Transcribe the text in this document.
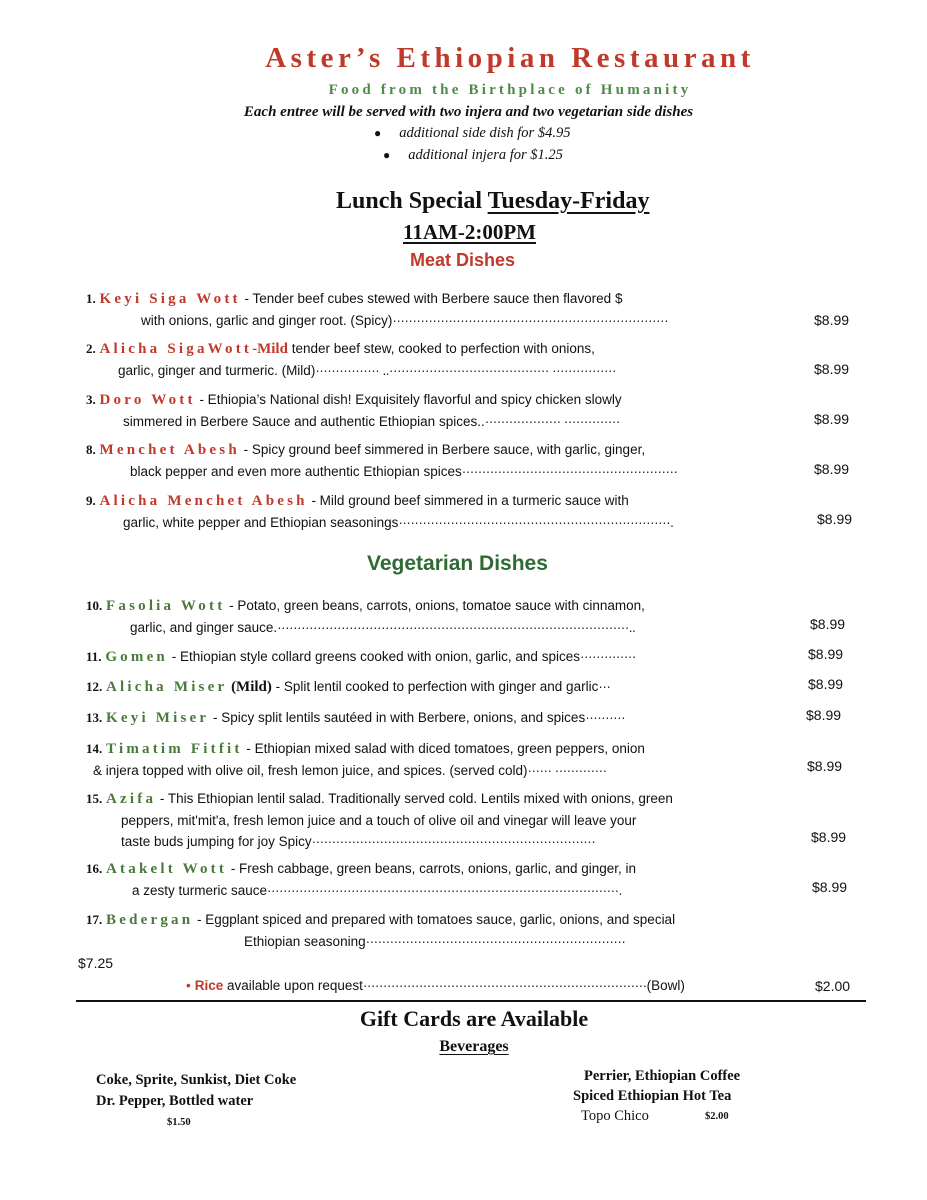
Aster’s Ethiopian Restaurant
Food from the Birthplace of Humanity
Each entree will be served with two injera and two vegetarian side dishes
● additional side dish for $4.95
● additional injera for $1.25
Lunch Special Tuesday-Friday
11AM-2:00PM
Meat Dishes
1. Keyi Siga Wott - Tender beef cubes stewed with Berbere sauce then flavored $
with onions, garlic and ginger root. (Spicy)·····································································	$8.99
2. Alicha SigaWott-Mild tender beef stew, cooked to perfection with onions,
garlic, ginger and turmeric. (Mild)················ ..········································ ················	$8.99
3. Doro Wott - Ethiopia’s National dish! Exquisitely flavorful and spicy chicken slowly
simmered in Berbere Sauce and authentic Ethiopian spices..··················· ··············	$8.99
8. Menchet Abesh - Spicy ground beef simmered in Berbere sauce, with garlic, ginger,
black pepper and even more authentic Ethiopian spices······················································	$8.99
9. Alicha Menchet Abesh - Mild ground beef simmered in a turmeric sauce with
garlic, white pepper and Ethiopian seasonings····································································.	$8.99
Vegetarian Dishes
10. Fasolia Wott - Potato, green beans, carrots, onions, tomatoe sauce with cinnamon,
garlic, and ginger sauce.························································································..	$8.99
11. Gomen - Ethiopian style collard greens cooked with onion, garlic, and spices··············	$8.99
12. Alicha Miser (Mild) - Split lentil cooked to perfection with ginger and garlic···	$8.99
13. Keyi Miser - Spicy split lentils sautéed in with Berbere, onions, and spices··········	$8.99
14. Timatim Fitfit - Ethiopian mixed salad with diced tomatoes, green peppers, onion
& injera topped with olive oil, fresh lemon juice, and spices. (served cold)······ ·············	$8.99
15. Azifa - This Ethiopian lentil salad. Traditionally served cold. Lentils mixed with onions, green
peppers, mit'mit'a, fresh lemon juice and a touch of olive oil and vinegar will leave your
taste buds jumping for joy Spicy·······································································	$8.99
16. Atakelt Wott - Fresh cabbage, green beans, carrots, onions, garlic, and ginger, in
a zesty turmeric sauce························································································.	$8.99
17. Bedergan - Eggplant spiced and prepared with tomatoes sauce, garlic, onions, and special
Ethiopian seasoning·································································
$7.25
• Rice available upon request·······································································(Bowl)	$2.00
Gift Cards are Available
Beverages
Coke, Sprite, Sunkist, Diet Coke
Dr. Pepper, Bottled water
$1.50
Perrier, Ethiopian Coffee
Spiced Ethiopian Hot Tea
Topo Chico	$2.00
